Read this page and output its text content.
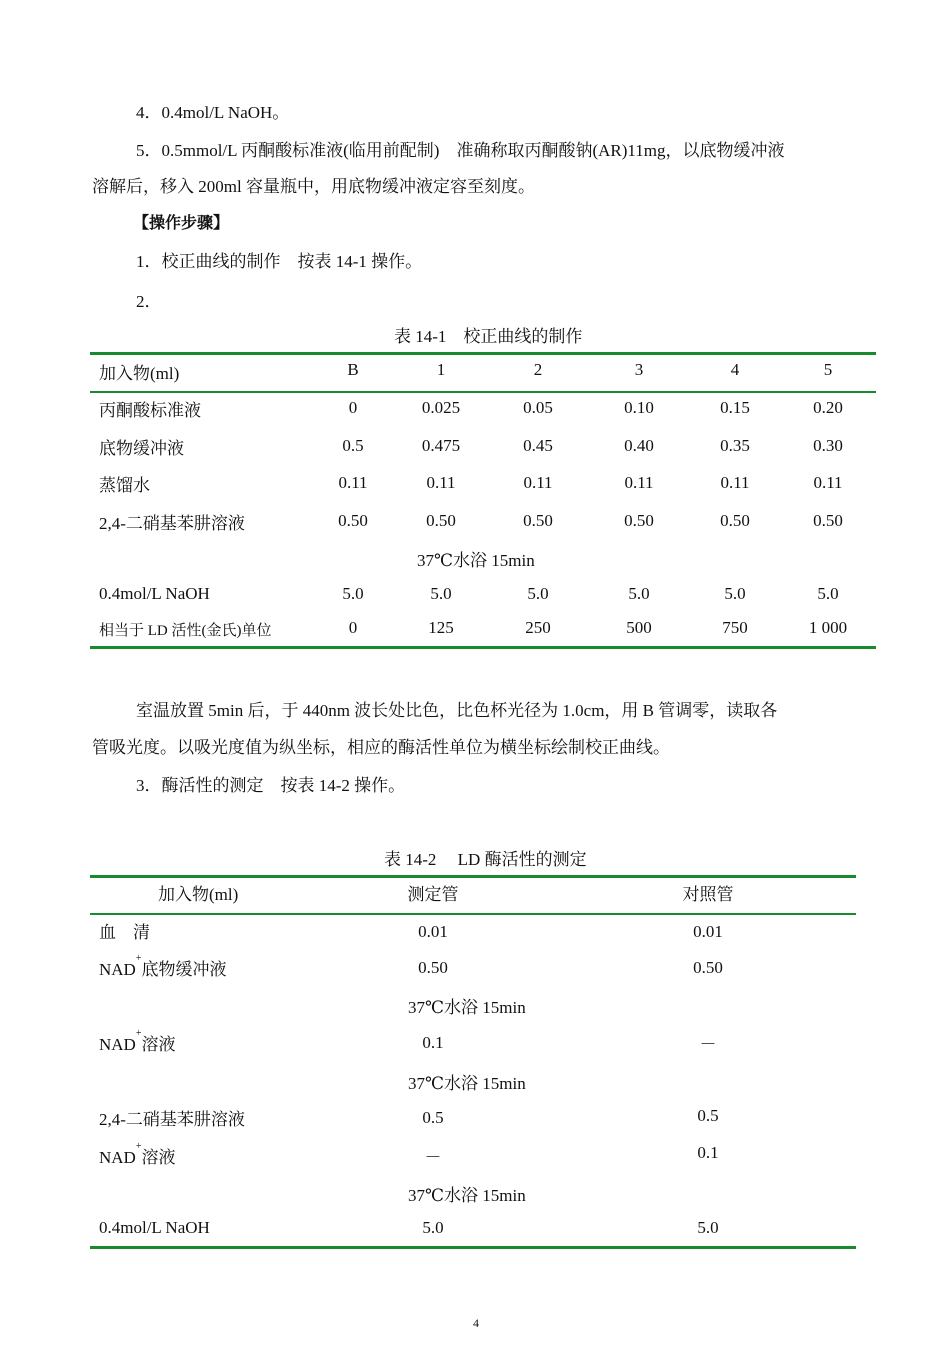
4．0.4mol/L NaOH。
5．0.5mmol/L 丙酮酸标准液(临用前配制)　准确称取丙酮酸钠(AR)11mg，以底物缓冲液
溶解后，移入 200ml 容量瓶中，用底物缓冲液定容至刻度。
【操作步骤】
1．校正曲线的制作　按表 14-1 操作。
2．
表 14-1　校正曲线的制作
加入物(ml)	B	1	2	3	4	5
丙酮酸标准液	0	0.025	0.05	0.10	0.15	0.20
底物缓冲液	0.5	0.475	0.45	0.40	0.35	0.30
蒸馏水	0.11	0.11	0.11	0.11	0.11	0.11
2,4-二硝基苯肼溶液	0.50	0.50	0.50	0.50	0.50	0.50
37℃水浴 15min
0.4mol/L NaOH	5.0	5.0	5.0	5.0	5.0	5.0
相当于 LD 活性(金氏)单位	0	125	250	500	750	1 000
室温放置 5min 后，于 440nm 波长处比色，比色杯光径为 1.0cm，用 B 管调零，读取各
管吸光度。以吸光度值为纵坐标，相应的酶活性单位为横坐标绘制校正曲线。
3．酶活性的测定　按表 14-2 操作。
表 14-2　 LD 酶活性的测定
加入物(ml)	测定管	对照管
血　清	0.01	0.01
NAD+底物缓冲液	0.50	0.50
37℃水浴 15min
NAD+溶液	0.1	－
37℃水浴 15min
2,4-二硝基苯肼溶液	0.5	0.5
NAD+溶液	－	0.1
37℃水浴 15min
0.4mol/L NaOH	5.0	5.0
4
